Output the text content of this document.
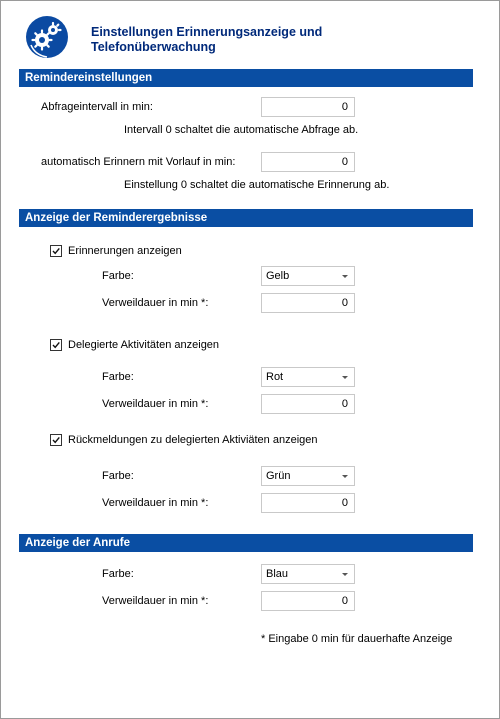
Einstellungen Erinnerungsanzeige und
Telefonüberwachung
Remindereinstellungen
Abfrageintervall in min:	0
Intervall 0 schaltet die automatische Abfrage ab.
automatisch Erinnern mit Vorlauf in min:	0
Einstellung 0 schaltet die automatische Erinnerung ab.
Anzeige der Reminderergebnisse
Erinnerungen anzeigen
Farbe:	Gelb
Verweildauer in min *:	0
Delegierte Aktivitäten anzeigen
Farbe:	Rot
Verweildauer in min *:	0
Rückmeldungen zu delegierten Aktiviäten anzeigen
Farbe:	Grün
Verweildauer in min *:	0
Anzeige der Anrufe
Farbe:	Blau
Verweildauer in min *:	0
* Eingabe 0 min für dauerhafte Anzeige
